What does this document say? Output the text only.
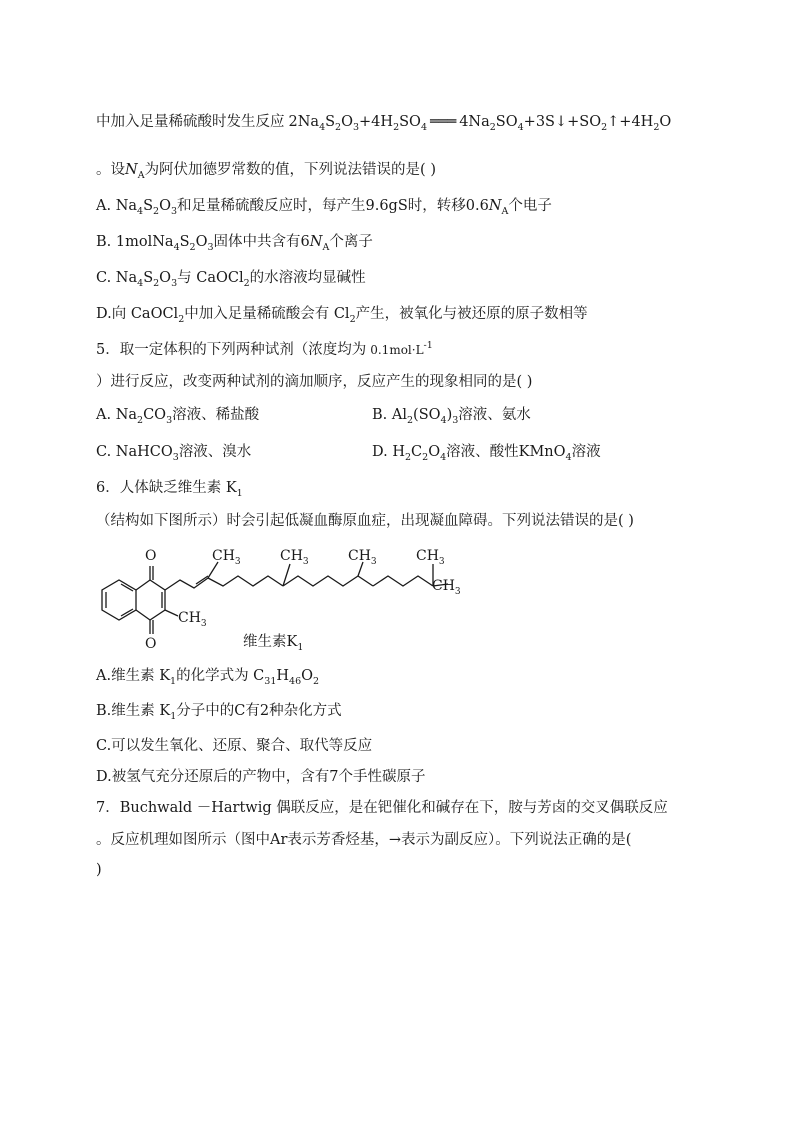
中加入足量稀硫酸时发生反应 $2Na_4S_2O_3+4H_2SO_4$ ═══ $4Na_2SO_4+3S↓+SO_2↑+4H_2O$
。设$N_A$为阿伏加德罗常数的值，下列说法错误的是( )
A. $Na_4S_2O_3$和足量稀硫酸反应时，每产生9.6gS时，转移$0.6N_A$个电子
B. $1molNa_4S_2O_3$固体中共含有$6N_A$个离子
C. $Na_4S_2O_3$与 CaOCl$_2$的水溶液均显碱性
D.向 CaOCl$_2$中加入足量稀硫酸会有 $Cl_2$产生，被氧化与被还原的原子数相等
5．取一定体积的下列两种试剂（浓度均为 $0.1mol\cdot L^{-1}$
）进行反应，改变两种试剂的滴加顺序，反应产生的现象相同的是( )
A. $Na_2CO_3$溶液、稀盐酸	B. $Al_2(SO_4)_3$溶液、氨水
C. NaHCO$_3$溶液、溴水	D. $H_2C_2O_4$溶液、酸性KMnO$_4$溶液
6．人体缺乏维生素 $K_1$
（结构如下图所示）时会引起低凝血酶原血症，出现凝血障碍。下列说法错误的是( )
O
O
$CH_3$
$CH_3$	$CH_3$	$CH_3$	$CH_3$
$CH_3$
维生素$K_1$
A.维生素 $K_1$的化学式为 $C_{31}H_{46}O_2$
B.维生素 $K_1$分子中的C有2种杂化方式
C.可以发生氧化、还原、聚合、取代等反应
D.被氢气充分还原后的产物中，含有7个手性碳原子
7．Buchwald －Hartwig 偶联反应，是在钯催化和碱存在下，胺与芳卤的交叉偶联反应
。反应机理如图所示（图中Ar表示芳香烃基，→表示为副反应）。下列说法正确的是(
)
